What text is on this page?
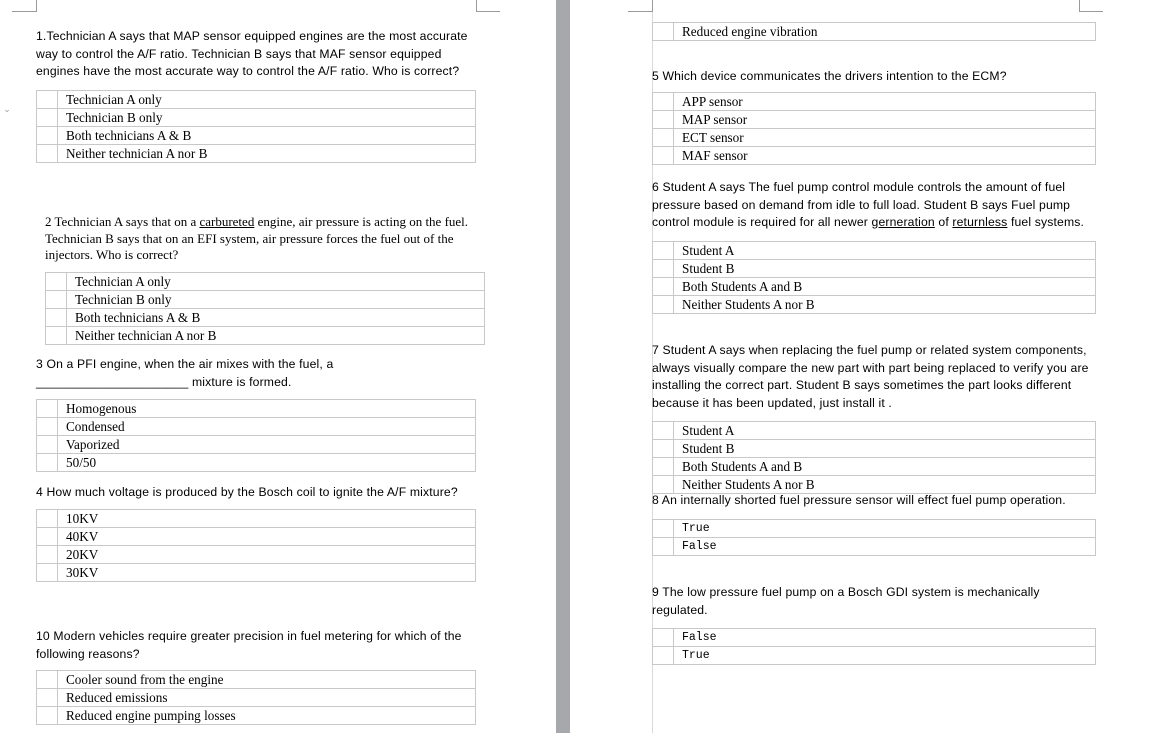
⌄
1.Technician A says that MAP sensor equipped engines are the most accurate way to control the A/F ratio. Technician B says that MAF sensor equipped engines have the most accurate way to control the A/F ratio. Who is correct?
	Technician A only
	Technician B only
	Both technicians A & B
	Neither technician A nor B
2 Technician A says that on a carbureted engine, air pressure is acting on the fuel. Technician B says that on an EFI system, air pressure forces the fuel out of the injectors. Who is correct?
	Technician A only
	Technician B only
	Both technicians A & B
	Neither technician A nor B
3 On a PFI engine, when the air mixes with the fuel, a ______________________ mixture is formed.
	Homogenous
	Condensed
	Vaporized
	50/50
4 How much voltage is produced by the Bosch coil to ignite the A/F mixture?
	10KV
	40KV
	20KV
	30KV
10 Modern vehicles require greater precision in fuel metering for which of the following reasons?
	Cooler sound from the engine
	Reduced emissions
	Reduced engine pumping losses
	Reduced engine vibration
5 Which device communicates the drivers intention to the ECM?
	APP sensor
	MAP sensor
	ECT sensor
	MAF sensor
6 Student A says The fuel pump control module controls the amount of fuel pressure based on demand from idle to full load. Student B says Fuel pump control module is required for all newer gerneration of returnless fuel systems.
	Student A
	Student B
	Both Students A and B
	Neither Students A nor B
7 Student A says when replacing the fuel pump or related system components, always visually compare the new part with part being replaced to verify you are installing the correct part. Student B says sometimes the part looks different because it has been updated, just install it .
	Student A
	Student B
	Both Students A and B
	Neither Students A nor B
8 An internally shorted fuel pressure sensor will effect fuel pump operation.
	True
	False
9 The low pressure fuel pump on a Bosch GDI system is mechanically regulated.
	False
	True
